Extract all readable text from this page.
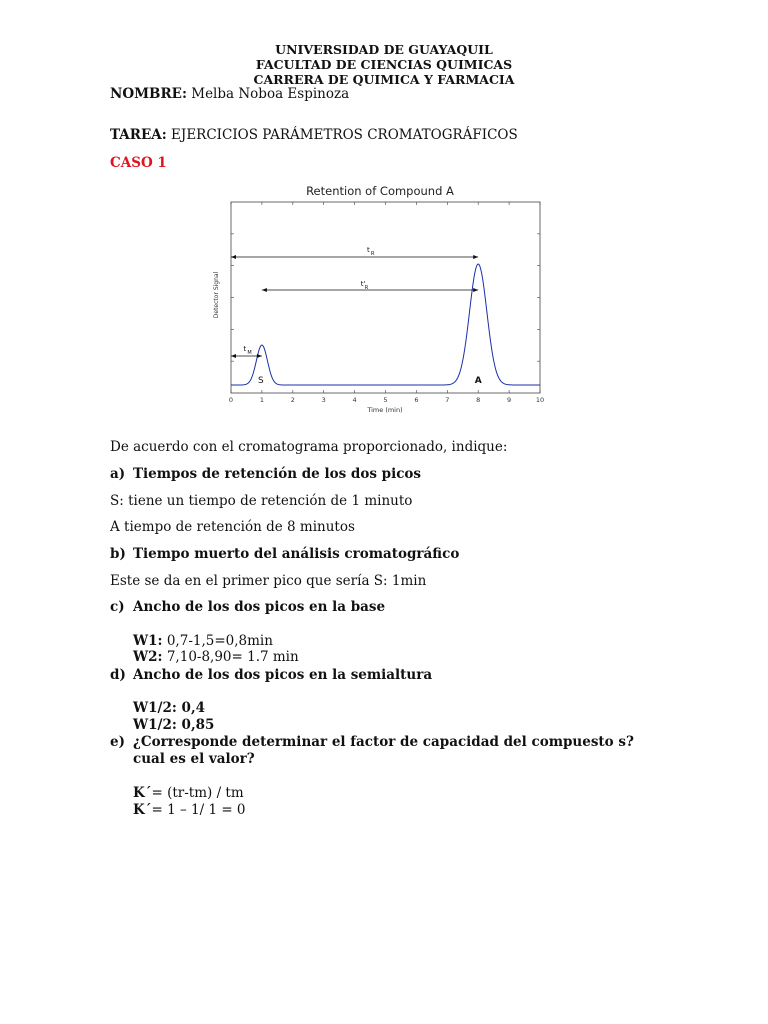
UNIVERSIDAD DE GUAYAQUIL
FACULTAD DE CIENCIAS QUIMICAS
CARRERA DE QUIMICA Y FARMACIA
NOMBRE: Melba Noboa Espinoza
TAREA: EJERCICIOS PARÁMETROS CROMATOGRÁFICOS
CASO 1
Retention of Compound A
Detector Signal
Time (min)
0	1	2	3	4	5	6	7	8	9	10
S	A
t R
t' R
t M
De acuerdo con el cromatograma proporcionado, indique:
a) Tiempos de retención de los dos picos
S: tiene un tiempo de retención de 1 minuto
A tiempo de retención de 8 minutos
b) Tiempo muerto del análisis cromatográfico
Este se da en el primer pico que sería S: 1min
c) Ancho de los dos picos en la base
W1: 0,7-1,5=0,8min
W2: 7,10-8,90= 1.7 min
d) Ancho de los dos picos en la semialtura
W1/2: 0,4
W1/2: 0,85
e) ¿Corresponde determinar el factor de capacidad del compuesto s?
cual es el valor?
K´= (tr-tm) / tm
K´= 1 – 1/ 1 = 0
